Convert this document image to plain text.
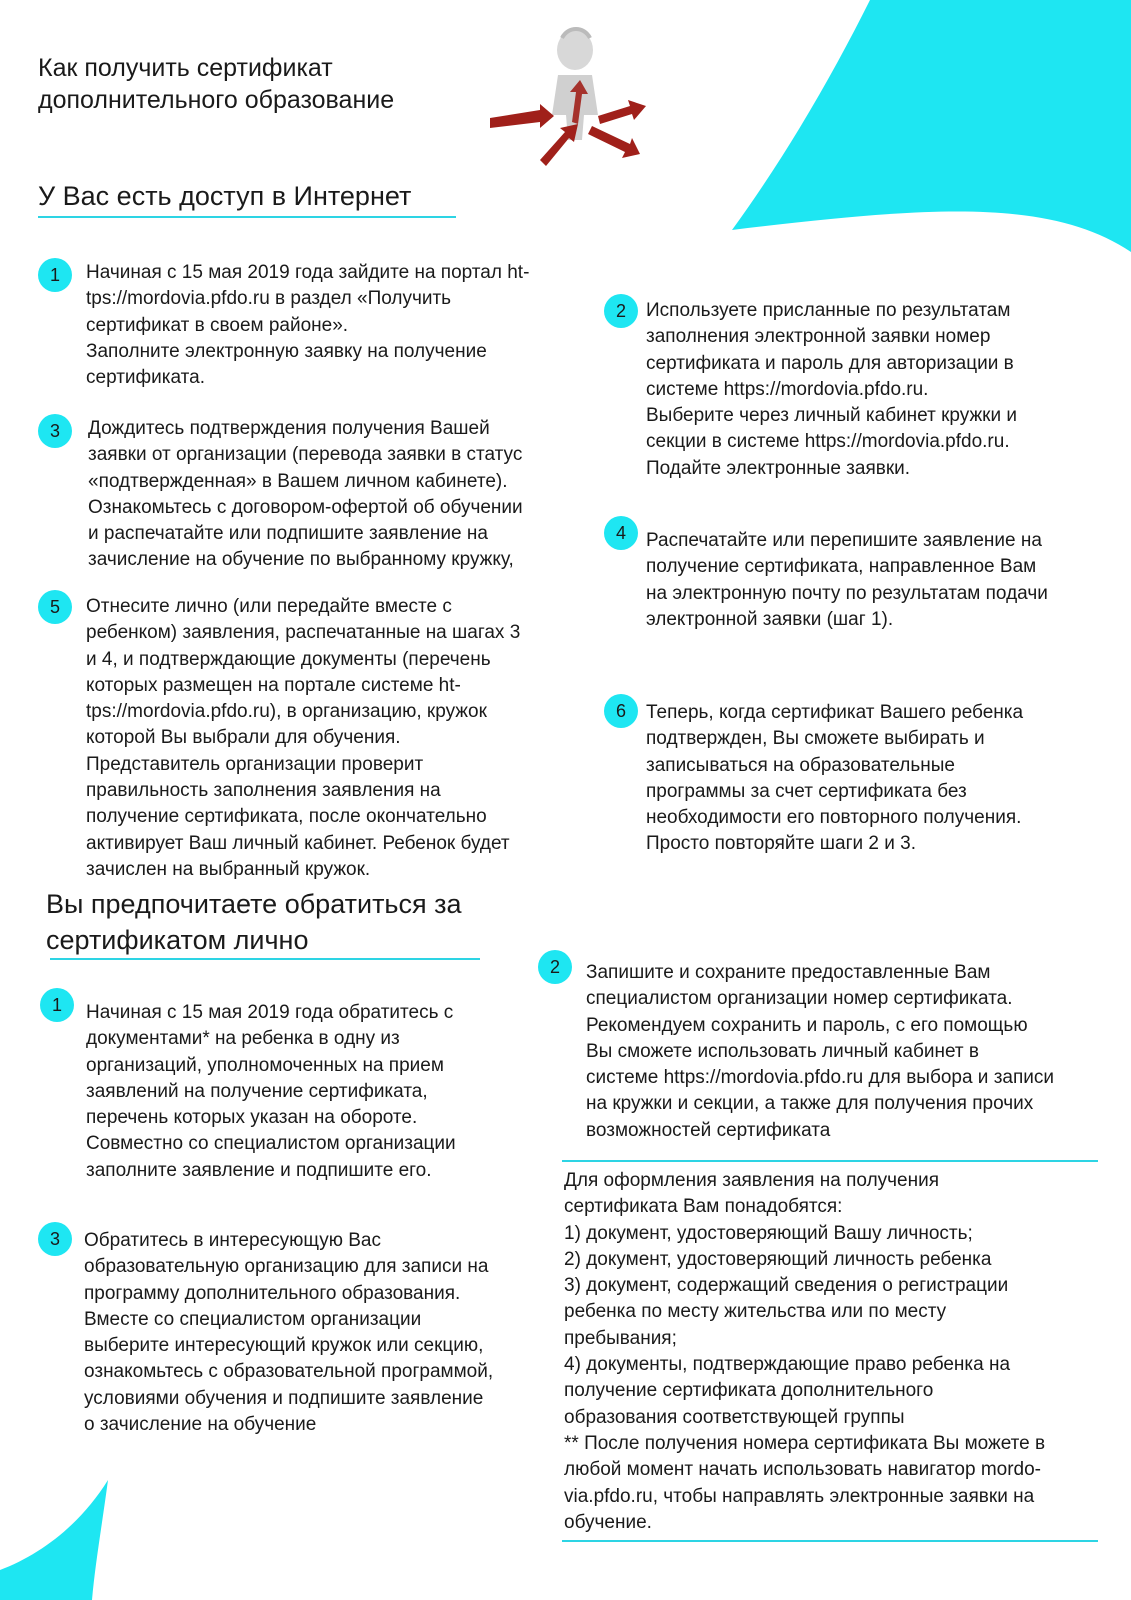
Как получить сертификат
дополнительного образование
У Вас есть доступ в Интернет
1	Начиная с 15 мая 2019 года зайдите на портал ht-
tps://mordovia.pfdo.ru в раздел «Получить
сертификат в своем районе».
Заполните электронную заявку на получение
сертификата.
2	Используете присланные по результатам
заполнения электронной заявки номер
сертификата и пароль для авторизации в
системе https://mordovia.pfdo.ru.
Выберите через личный кабинет кружки и
секции в системе https://mordovia.pfdo.ru.
Подайте электронные заявки.
3	Дождитесь подтверждения получения Вашей
заявки от организации (перевода заявки в статус
«подтвержденная» в Вашем личном кабинете).
Ознакомьтесь с договором-офертой об обучении
и распечатайте или подпишите заявление на
зачисление на обучение по выбранному кружку,
4	Распечатайте или перепишите заявление на
получение сертификата, направленное Вам
на электронную почту по результатам подачи
электронной заявки (шаг 1).
5	Отнесите лично (или передайте вместе с
ребенком) заявления, распечатанные на шагах 3
и 4, и подтверждающие документы (перечень
которых размещен на портале системе ht-
tps://mordovia.pfdo.ru), в организацию, кружок
которой Вы выбрали для обучения.
Представитель организации проверит
правильность заполнения заявления на
получение сертификата, после окончательно
активирует Ваш личный кабинет. Ребенок будет
зачислен на выбранный кружок.
6	Теперь, когда сертификат Вашего ребенка
подтвержден, Вы сможете выбирать и
записываться на образовательные
программы за счет сертификата без
необходимости его повторного получения.
Просто повторяйте шаги 2 и 3.
Вы предпочитаете обратиться за
сертификатом лично
1	Начиная с 15 мая 2019 года обратитесь с
документами* на ребенка в одну из
организаций, уполномоченных на прием
заявлений на получение сертификата,
перечень которых указан на обороте.
Совместно со специалистом организации
заполните заявление и подпишите его.
2	Запишите и сохраните предоставленные Вам
специалистом организации номер сертификата.
Рекомендуем сохранить и пароль, с его помощью
Вы сможете использовать личный кабинет в
системе https://mordovia.pfdo.ru для выбора и записи
на кружки и секции, а также для получения прочих
возможностей сертификата
3	Обратитесь в интересующую Вас
образовательную организацию для записи на
программу дополнительного образования.
Вместе со специалистом организации
выберите интересующий кружок или секцию,
ознакомьтесь с образовательной программой,
условиями обучения и подпишите заявление
о зачисление на обучение
Для оформления заявления на получения
сертификата Вам понадобятся:
1) документ, удостоверяющий Вашу личность;
2) документ, удостоверяющий личность ребенка
3) документ, содержащий сведения о регистрации
ребенка по месту жительства или по месту
пребывания;
4) документы, подтверждающие право ребенка на
получение сертификата дополнительного
образования соответствующей группы
** После получения номера сертификата Вы можете в
любой момент начать использовать навигатор mordo-
via.pfdo.ru, чтобы направлять электронные заявки на
обучение.
